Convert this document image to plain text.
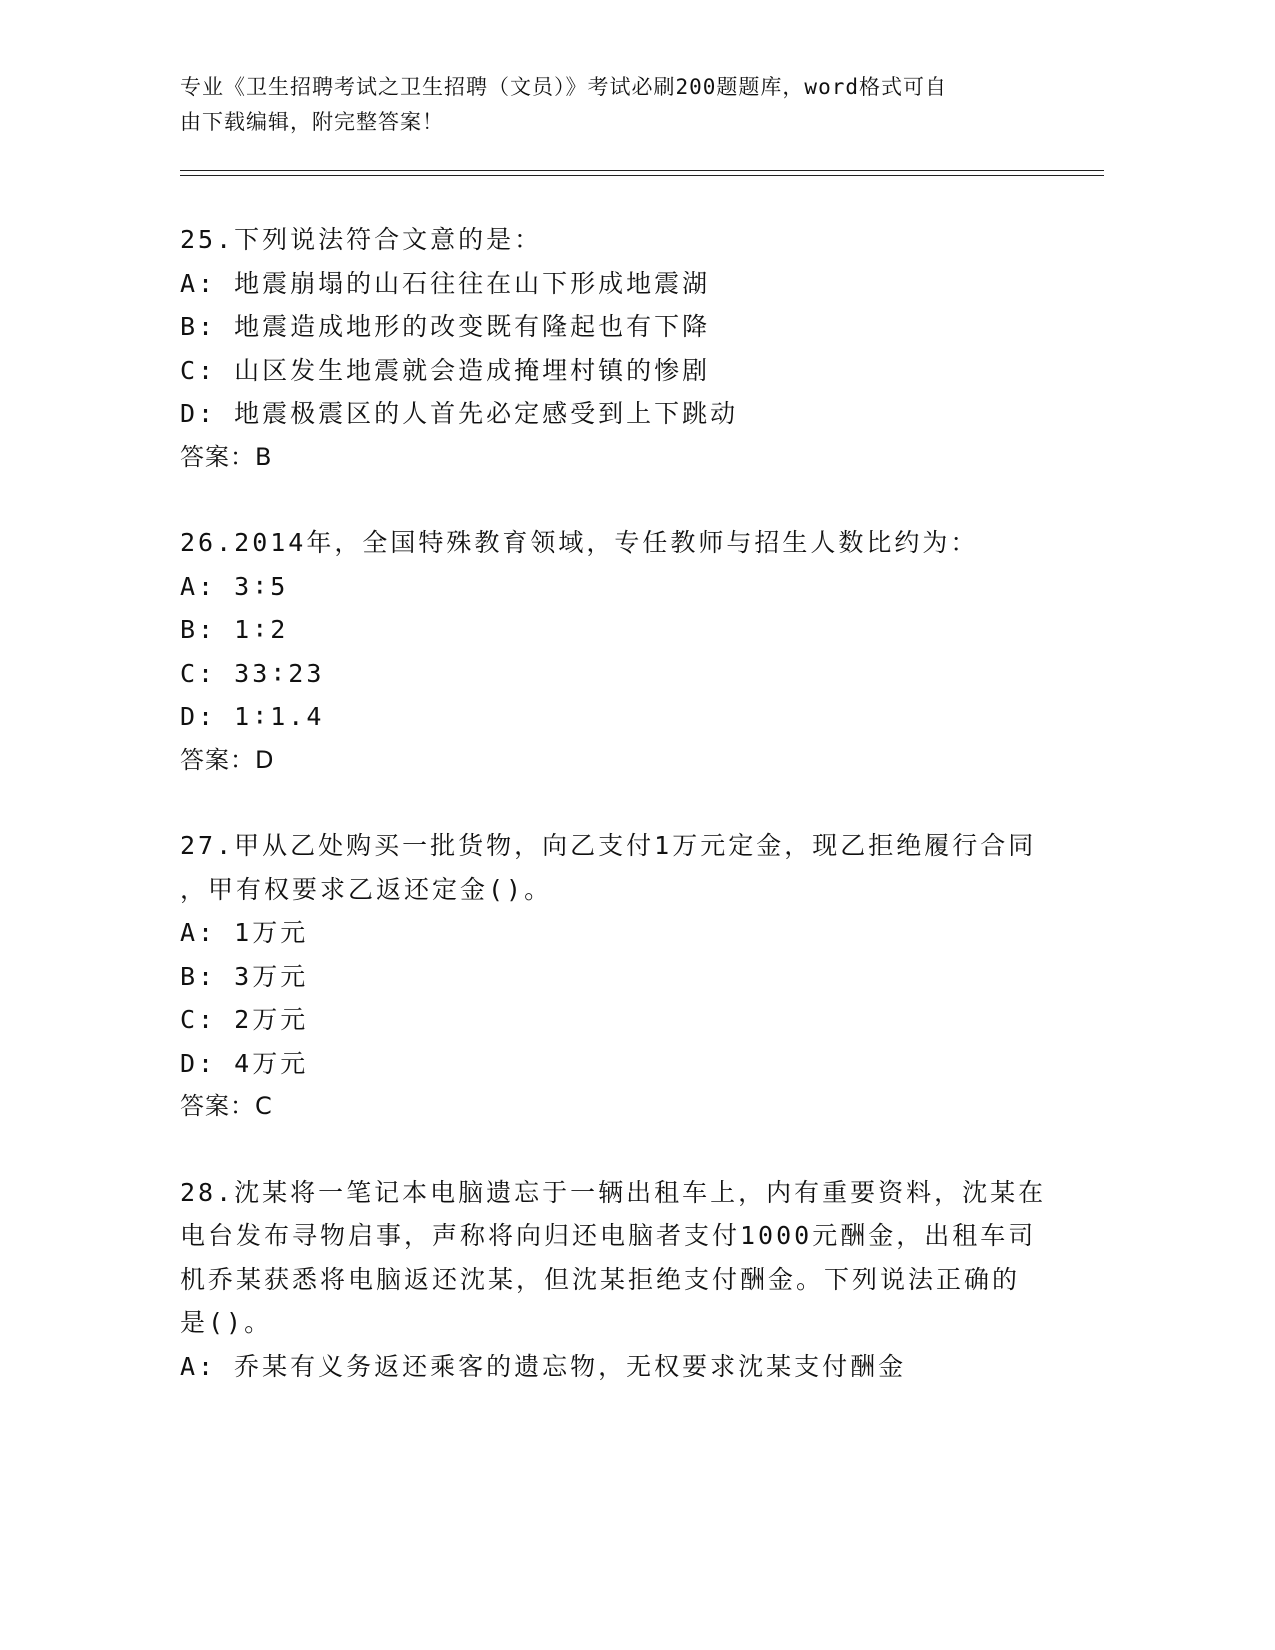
专业《卫生招聘考试之卫生招聘（文员）》考试必刷200题题库，word格式可自
由下载编辑，附完整答案！
25.下列说法符合文意的是：
A: 地震崩塌的山石往往在山下形成地震湖
B: 地震造成地形的改变既有隆起也有下降
C: 山区发生地震就会造成掩埋村镇的惨剧
D: 地震极震区的人首先必定感受到上下跳动
答案：B
26.2014年，全国特殊教育领域，专任教师与招生人数比约为：
A: 3∶5
B: 1∶2
C: 33∶23
D: 1∶1.4
答案：D
27.甲从乙处购买一批货物，向乙支付1万元定金，现乙拒绝履行合同
，甲有权要求乙返还定金()。
A: 1万元
B: 3万元
C: 2万元
D: 4万元
答案：C
28.沈某将一笔记本电脑遗忘于一辆出租车上，内有重要资料，沈某在
电台发布寻物启事，声称将向归还电脑者支付1000元酬金，出租车司
机乔某获悉将电脑返还沈某，但沈某拒绝支付酬金。下列说法正确的
是()。
A: 乔某有义务返还乘客的遗忘物，无权要求沈某支付酬金
